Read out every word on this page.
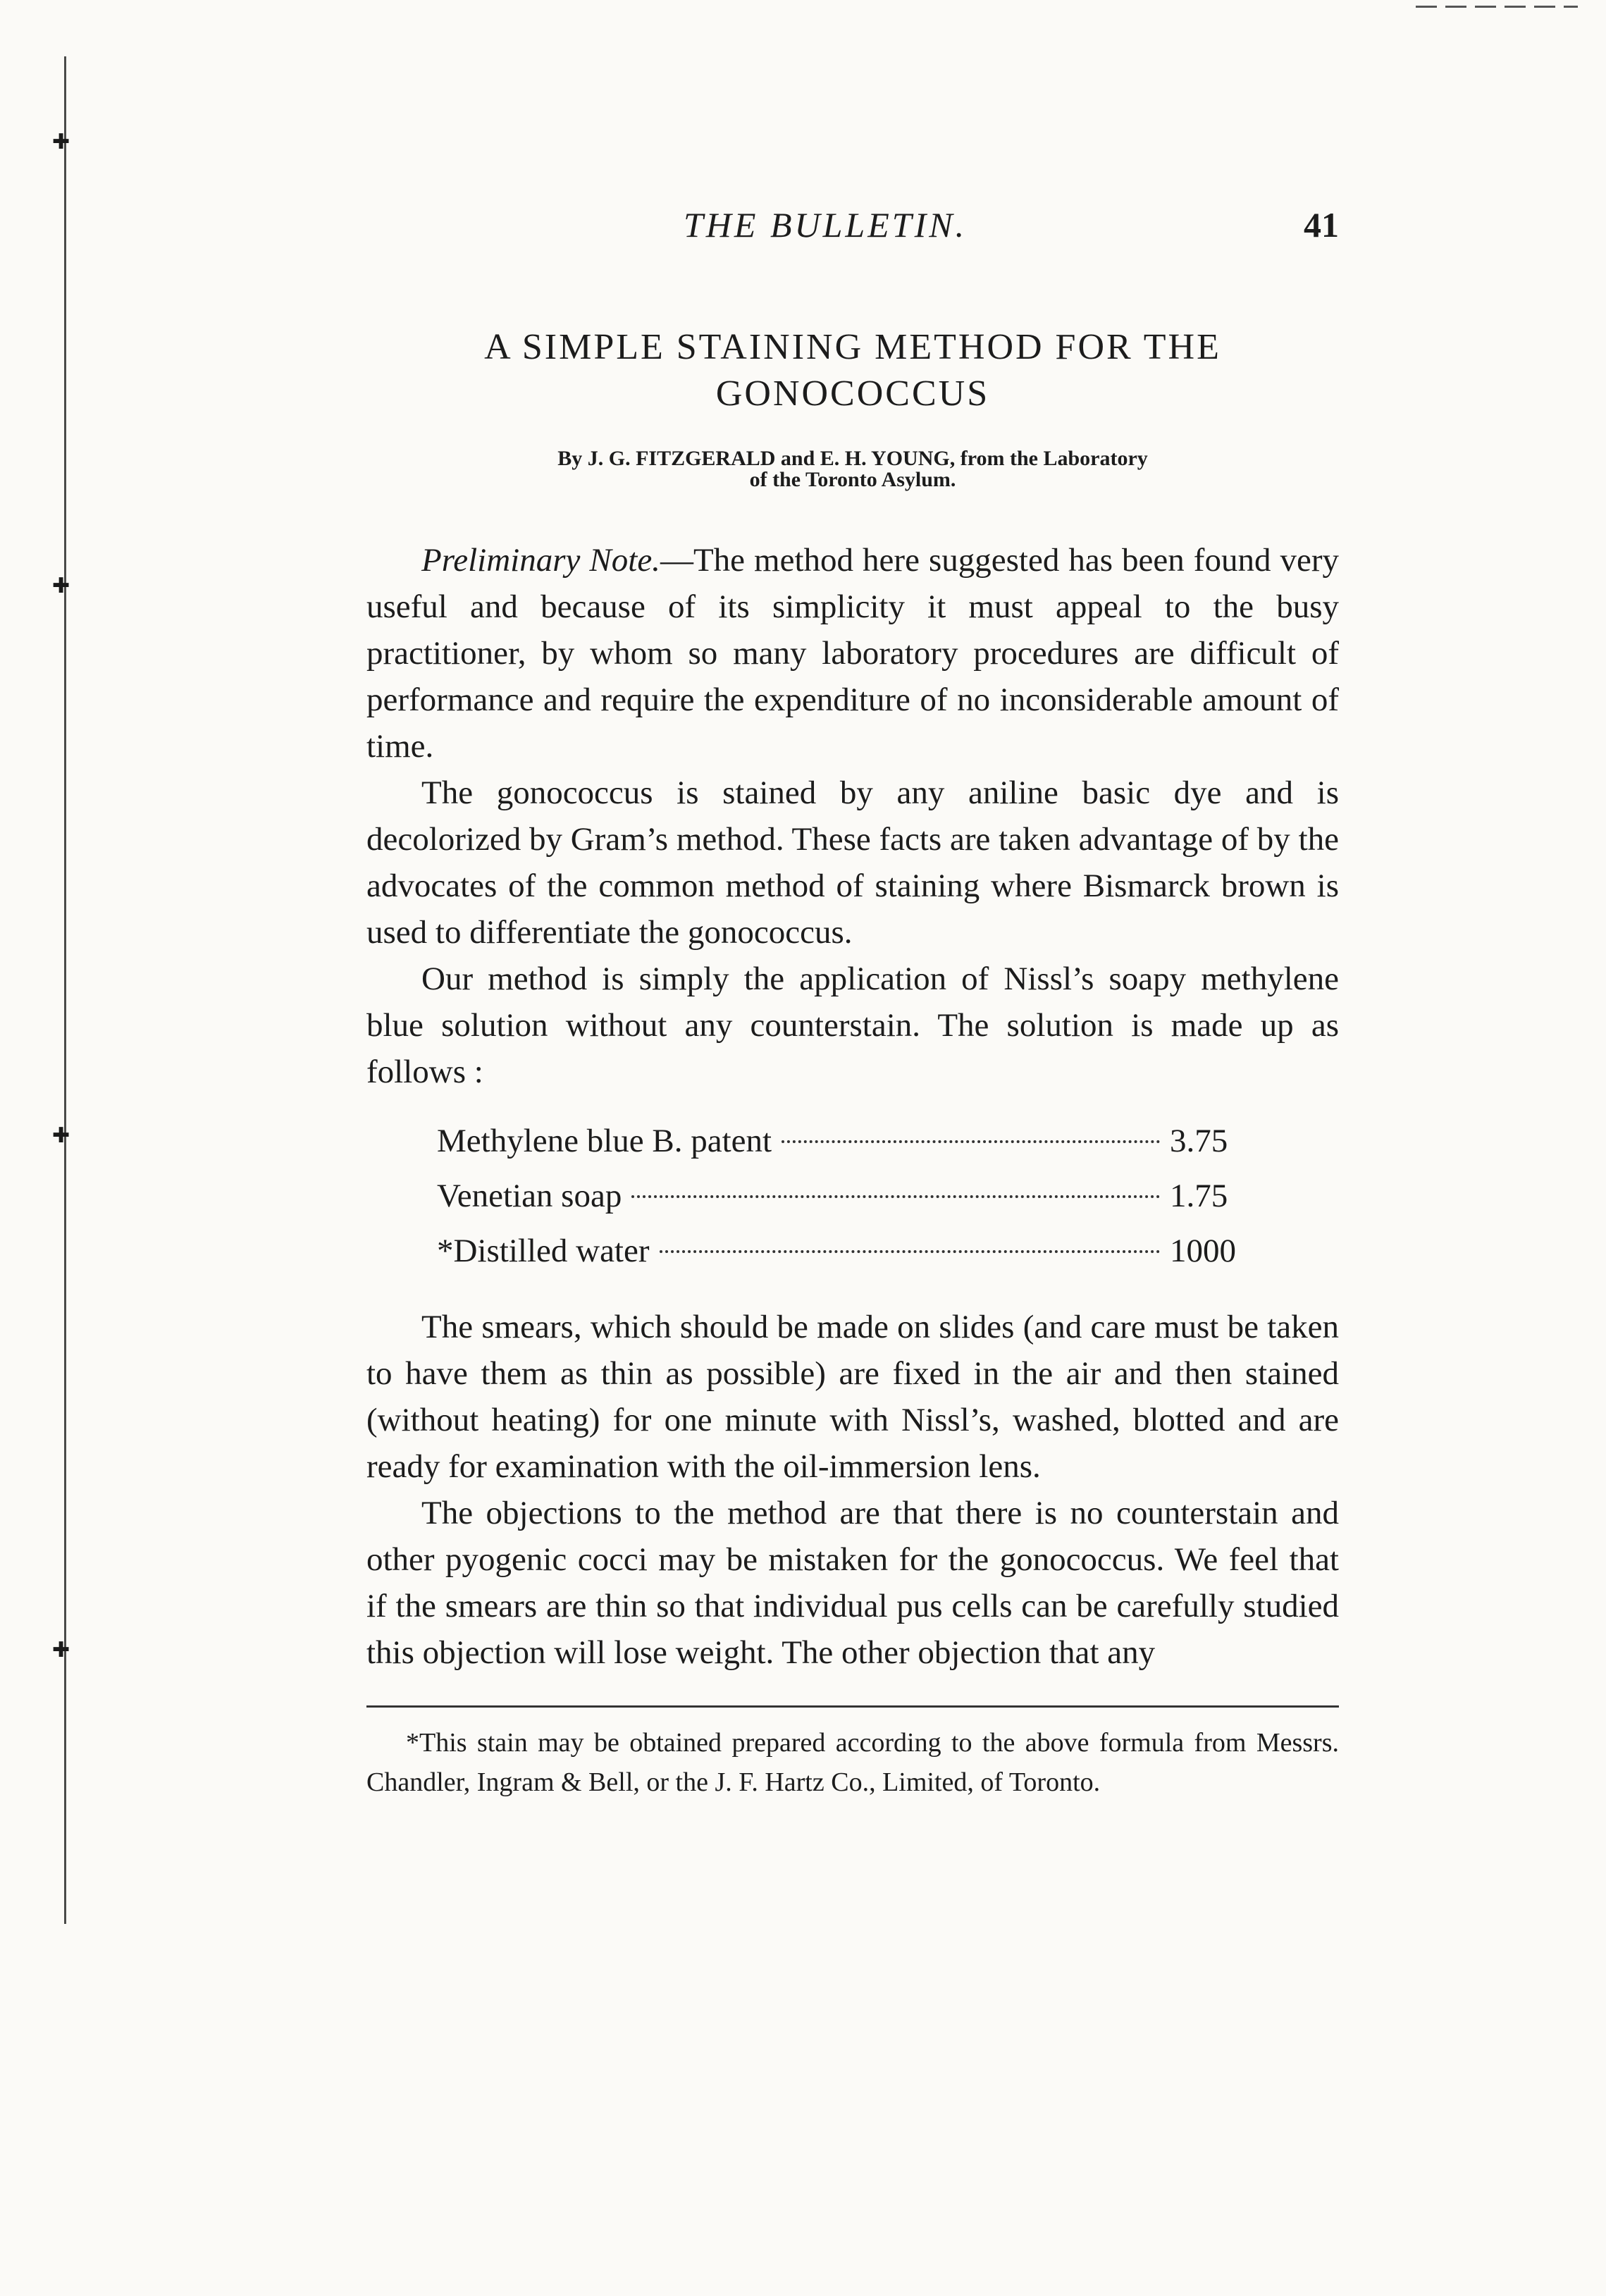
✚
✚
✚
✚
THE BULLETIN.	41
A SIMPLE STAINING METHOD FOR THE
GONOCOCCUS
By J. G. FITZGERALD and E. H. YOUNG, from the Laboratory
of the Toronto Asylum.

Preliminary Note.—The method here suggested has been found very useful and because of its simplicity it must appeal to the busy practitioner, by whom so many laboratory procedures are difficult of performance and require the expenditure of no inconsiderable amount of time.

The gonococcus is stained by any aniline basic dye and is decolorized by Gram’s method. These facts are taken advantage of by the advocates of the common method of staining where Bismarck brown is used to differentiate the gonococcus.

Our method is simply the application of Nissl’s soapy methylene blue solution without any counterstain. The solution is made up as follows :

Methylene blue B. patent	3.75
Venetian soap	1.75
*Distilled water	1000

The smears, which should be made on slides (and care must be taken to have them as thin as possible) are fixed in the air and then stained (without heating) for one minute with Nissl’s, washed, blotted and are ready for examination with the oil-immersion lens.

The objections to the method are that there is no counterstain and other pyogenic cocci may be mistaken for the gonococcus. We feel that if the smears are thin so that individual pus cells can be carefully studied this objection will lose weight. The other objection that any

*This stain may be obtained prepared according to the above formula from Messrs. Chandler, Ingram & Bell, or the J. F. Hartz Co., Limited, of Toronto.
